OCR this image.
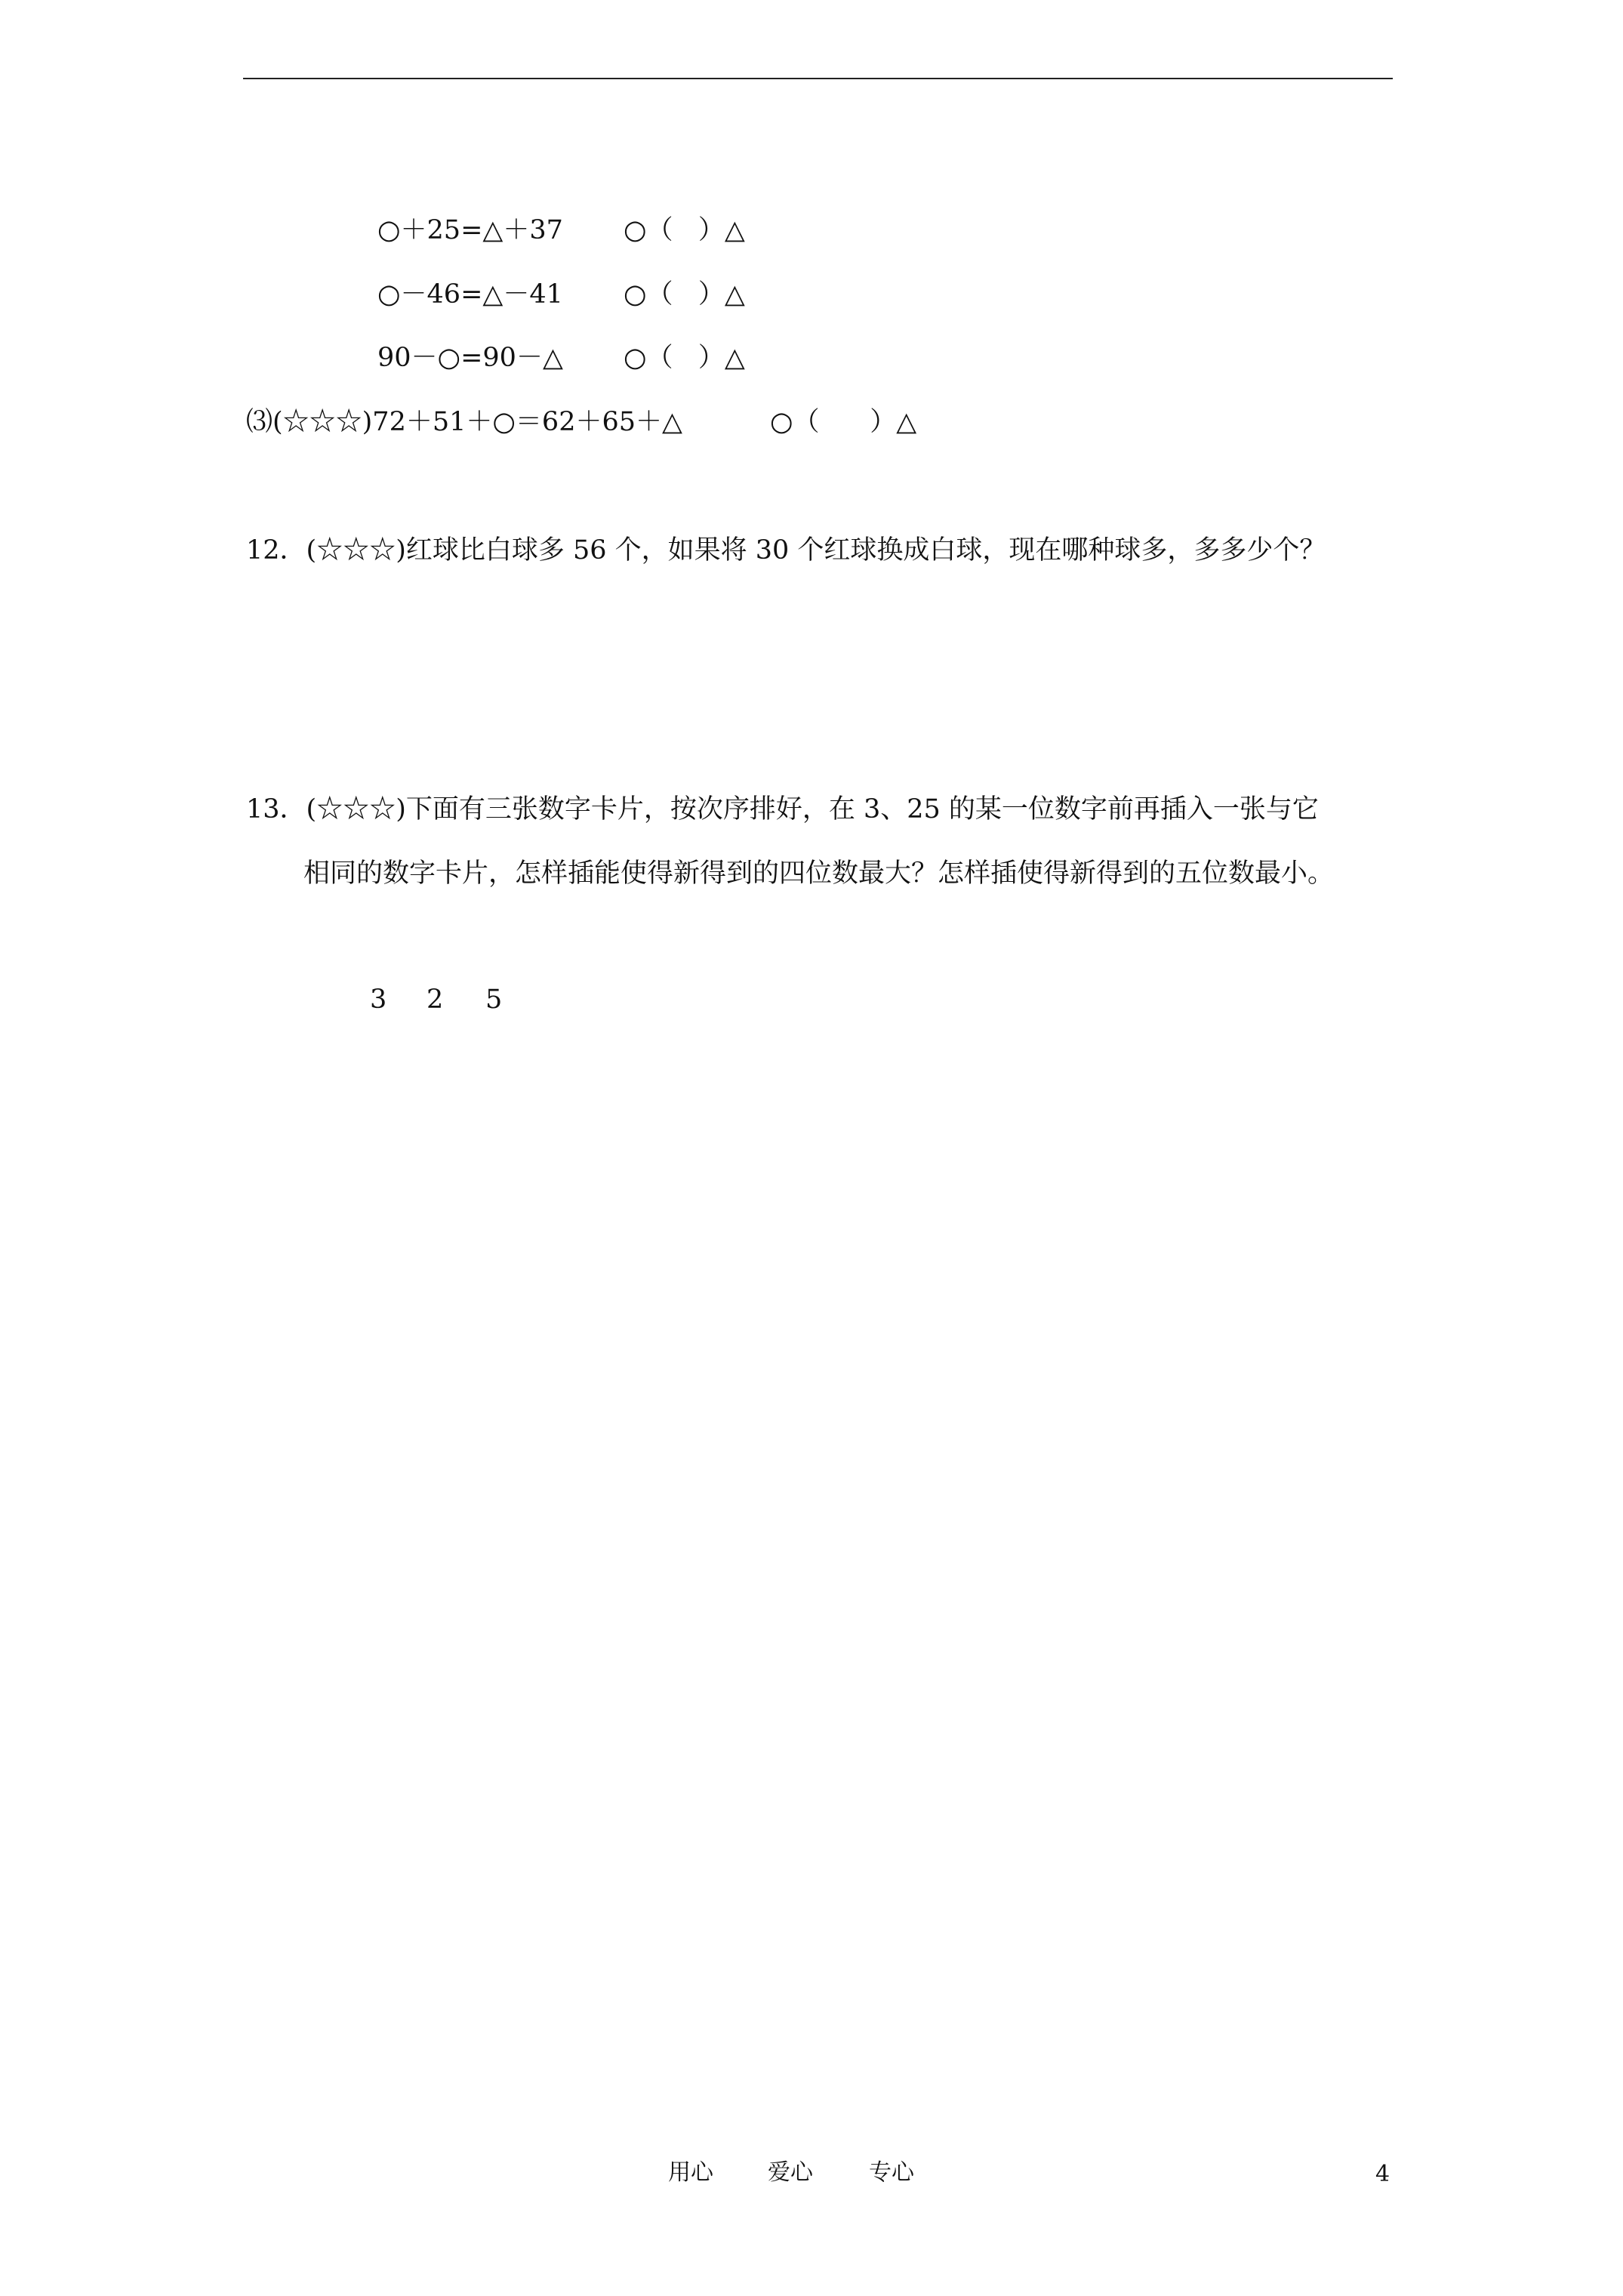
○＋25=△＋37 ○（   ）△
○－46=△－41 ○（   ）△
90－○=90－△ ○（   ）△
⑶(☆☆☆)72＋51＋○＝62＋65＋△	○（      ）△
12．(☆☆☆)红球比白球多 56 个，如果将 30 个红球换成白球，现在哪种球多，多多少个？
13．(☆☆☆)下面有三张数字卡片，按次序排好，在 3、25 的某一位数字前再插入一张与它
相同的数字卡片，怎样插能使得新得到的四位数最大？怎样插使得新得到的五位数最小。
3 2 5
用心 爱心 专心	4
